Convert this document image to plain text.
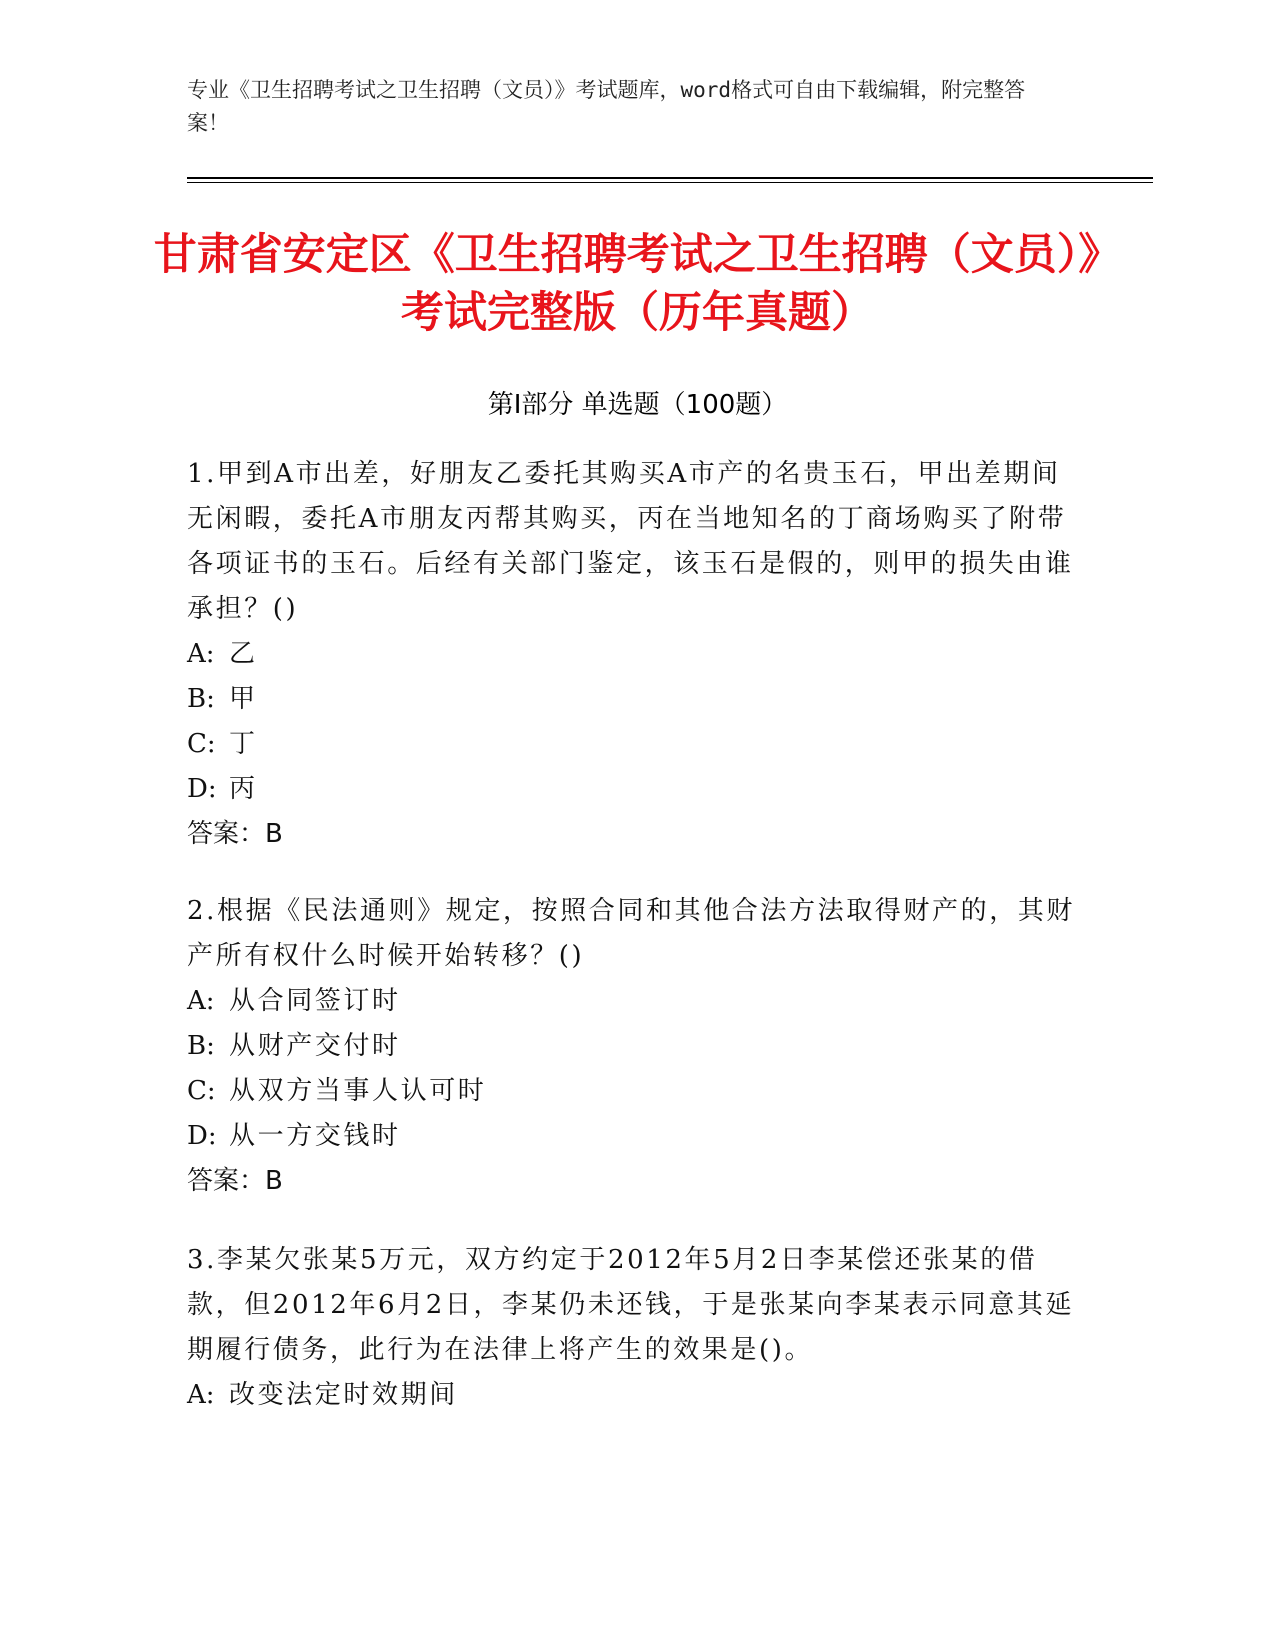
专业《卫生招聘考试之卫生招聘（文员）》考试题库，word格式可自由下载编辑，附完整答案！
甘肃省安定区《卫生招聘考试之卫生招聘（文员）》考试完整版（历年真题）
第Ⅰ部分 单选题（100题）
1.甲到A市出差，好朋友乙委托其购买A市产的名贵玉石，甲出差期间无闲暇，委托A市朋友丙帮其购买，丙在当地知名的丁商场购买了附带各项证书的玉石。后经有关部门鉴定，该玉石是假的，则甲的损失由谁承担？()
A: 乙
B: 甲
C: 丁
D: 丙
答案：B
2.根据《民法通则》规定，按照合同和其他合法方法取得财产的，其财产所有权什么时候开始转移？()
A: 从合同签订时
B: 从财产交付时
C: 从双方当事人认可时
D: 从一方交钱时
答案：B
3.李某欠张某5万元，双方约定于2012年5月2日李某偿还张某的借款，但2012年6月2日，李某仍未还钱，于是张某向李某表示同意其延期履行债务，此行为在法律上将产生的效果是()。
A: 改变法定时效期间
